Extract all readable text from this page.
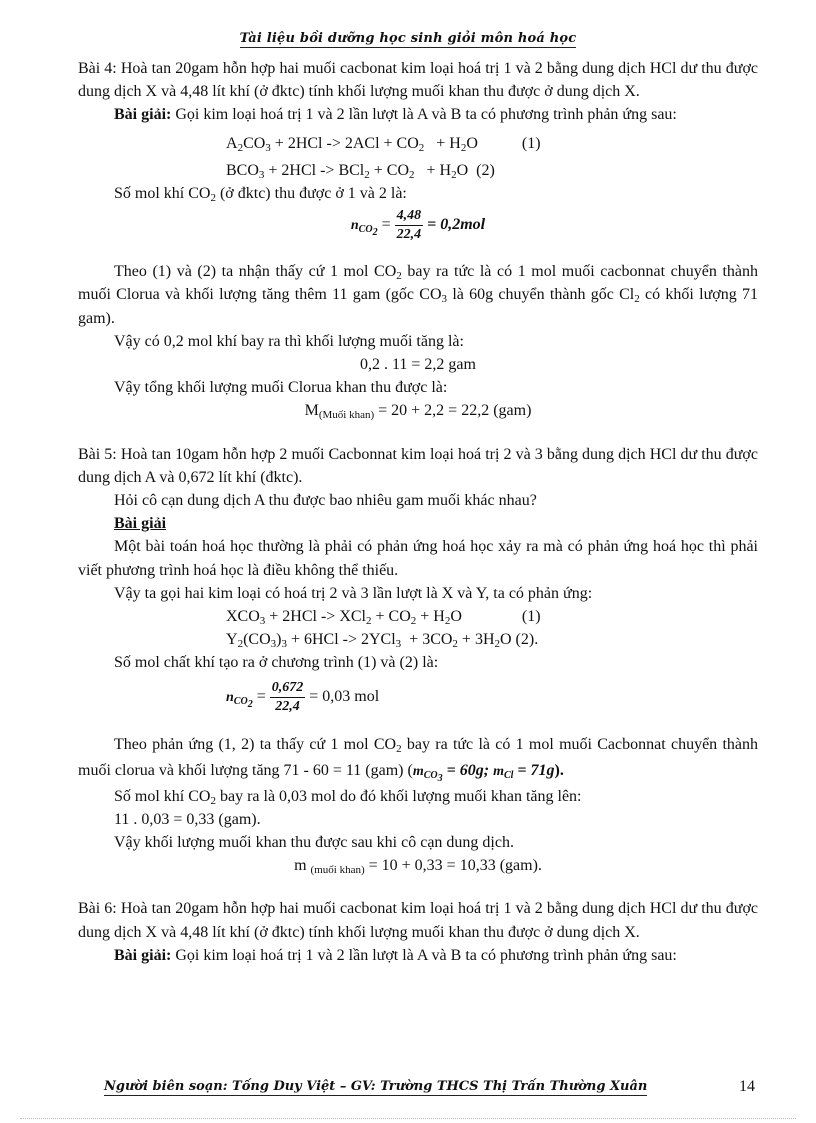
Tài liệu bồi dưỡng học sinh giỏi môn hoá học

Bài 4: Hoà tan 20gam hỗn hợp hai muối cacbonat kim loại hoá trị 1 và 2 bằng dung dịch HCl dư thu được dung dịch X và 4,48 lít khí (ở đktc) tính khối lượng muối khan thu được ở dung dịch X.

Bài giải: Gọi kim loại hoá trị 1 và 2 lần lượt là A và B ta có phương trình phản ứng sau:

$A_2CO_3 + 2HCl -> 2ACl + CO_2 + H_2O$           (1)

$BCO_3 + 2HCl -> BCl_2 + CO_2 + H_2O$  (2)

Số mol khí $CO_2$ (ở đktc) thu được ở 1 và 2 là:

$n_{CO_2} = \frac{4,48}{22,4} = 0,2mol$

Theo (1) và (2) ta nhận thấy cứ 1 mol $CO_2$ bay ra tức là có 1 mol muối cacbonnat chuyển thành muối Clorua và khối lượng tăng thêm 11 gam (gốc $CO_3$ là 60g chuyển thành gốc $Cl_2$ có khối lượng 71 gam).

Vậy có 0,2 mol khí bay ra thì khối lượng muối tăng là:

0,2 . 11 = 2,2 gam

Vậy tổng khối lượng muối Clorua khan thu được là:

$M_{(Muối khan)} = 20 + 2,2 = 22,2$ (gam)

Bài 5: Hoà tan 10gam hỗn hợp 2 muối Cacbonnat kim loại hoá trị 2 và 3 bằng dung dịch HCl dư thu được dung dịch A và 0,672 lít khí (đktc).

Hỏi cô cạn dung dịch A thu được bao nhiêu gam muối khác nhau?

Bài giải

Một bài toán hoá học thường là phải có phản ứng hoá học xảy ra mà có phản ứng hoá học thì phải viết phương trình hoá học là điều không thể thiếu.

Vậy ta gọi hai kim loại có hoá trị 2 và 3 lần lượt là X và Y, ta có phản ứng:

$XCO_3 + 2HCl -> XCl_2 + CO_2 + H_2O$               (1)

$Y_2(CO_3)_3 + 6HCl -> 2YCl_3 + 3CO_2 + 3H_2O$ (2).

Số mol chất khí tạo ra ở chương trình (1) và (2) là:

$n_{CO_2} = \frac{0,672}{22,4} = 0,03$ mol

Theo phản ứng (1, 2) ta thấy cứ 1 mol $CO_2$ bay ra tức là có 1 mol muối Cacbonnat chuyển thành muối clorua và khối lượng tăng 71 - 60 = 11 (gam) ($m_{CO_3} = 60g$; $m_{Cl} = 71g$).

Số mol khí $CO_2$ bay ra là 0,03 mol do đó khối lượng muối khan tăng lên:

11 . 0,03 = 0,33 (gam).

Vậy khối lượng muối khan thu được sau khi cô cạn dung dịch.

m $_{(muối khan)}$ = 10 + 0,33 = 10,33 (gam).

Bài 6: Hoà tan 20gam hỗn hợp hai muối cacbonat kim loại hoá trị 1 và 2 bằng dung dịch HCl dư thu được dung dịch X và 4,48 lít khí (ở đktc) tính khối lượng muối khan thu được ở dung dịch X.

Bài giải: Gọi kim loại hoá trị 1 và 2 lần lượt là A và B ta có phương trình phản ứng sau:

Người biên soạn: Tống Duy Việt – GV: Trường THCS Thị Trấn Thường Xuân	14
